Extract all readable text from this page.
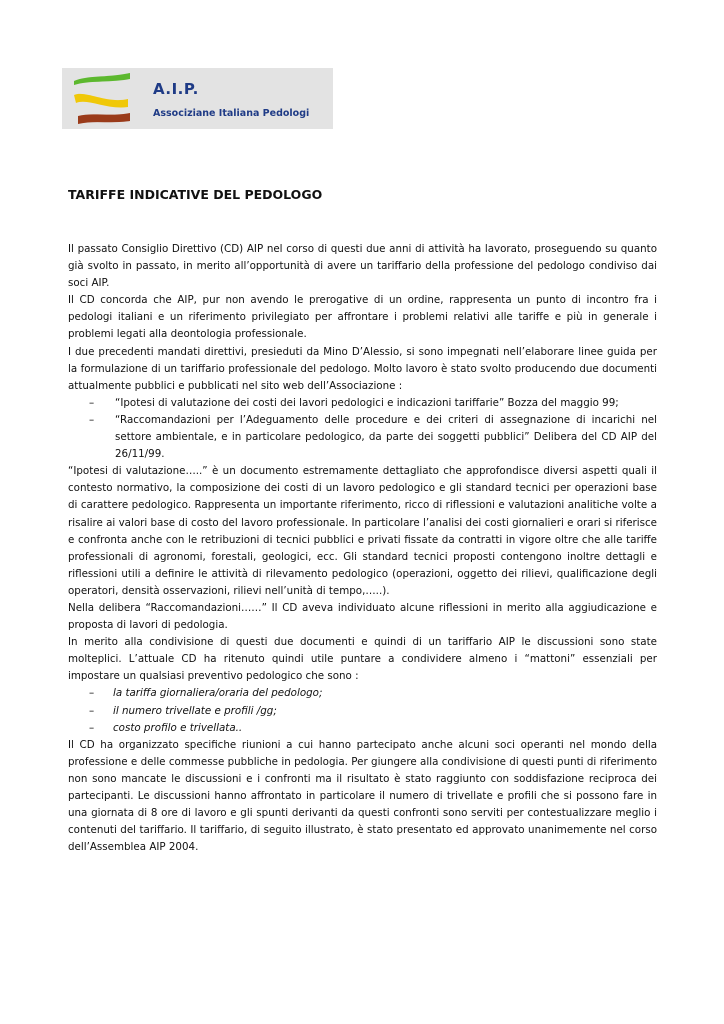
A.I.P.
Associziane Italiana Pedologi
TARIFFE INDICATIVE DEL PEDOLOGO

Il passato Consiglio Direttivo (CD) AIP nel corso di questi due anni di attività ha lavorato, proseguendo su quanto già svolto in passato, in merito all’opportunità di avere un tariffario della professione del pedologo condiviso dai soci AIP.

Il CD concorda che AIP, pur non avendo le prerogative di un ordine, rappresenta un punto di incontro fra i pedologi italiani e un riferimento privilegiato per affrontare i problemi relativi alle tariffe e più in generale i problemi legati alla deontologia professionale.

I due precedenti mandati direttivi, presieduti da Mino D’Alessio, si sono impegnati nell’elaborare linee guida per la formulazione di un tariffario professionale del pedologo. Molto lavoro è stato svolto producendo due documenti attualmente pubblici e pubblicati nel sito web dell’Associazione :

– “Ipotesi di valutazione dei costi dei lavori pedologici e indicazioni tariffarie” Bozza del maggio 99;
– “Raccomandazioni per l’Adeguamento delle procedure e dei criteri di assegnazione di incarichi nel settore ambientale, e in particolare pedologico, da parte dei soggetti pubblici” Delibera del CD AIP del 26/11/99.

“Ipotesi di valutazione…..” è un documento estremamente dettagliato che approfondisce diversi aspetti quali il contesto normativo, la composizione dei costi di un lavoro pedologico e gli standard tecnici per operazioni base di carattere pedologico. Rappresenta un importante riferimento, ricco di riflessioni e valutazioni analitiche volte a risalire ai valori base di costo del lavoro professionale. In particolare l’analisi dei costi giornalieri e orari si riferisce e confronta anche con le retribuzioni di tecnici pubblici e privati fissate da contratti in vigore oltre che alle tariffe professionali di agronomi, forestali, geologici, ecc. Gli standard tecnici proposti contengono inoltre dettagli e riflessioni utili a definire le attività di rilevamento pedologico (operazioni, oggetto dei rilievi, qualificazione degli operatori, densità osservazioni, rilievi nell’unità di tempo,…..).

Nella delibera “Raccomandazioni……” Il CD aveva individuato alcune riflessioni in merito alla aggiudicazione e proposta di lavori di pedologia.

In merito alla condivisione di questi due documenti e quindi di un tariffario AIP le discussioni sono state molteplici. L’attuale CD ha ritenuto quindi utile puntare a condividere almeno i “mattoni” essenziali per impostare un qualsiasi preventivo pedologico che sono :

– la tariffa giornaliera/oraria del pedologo;
– il numero trivellate e profili /gg;
– costo profilo e trivellata..

Il CD ha organizzato specifiche riunioni a cui hanno partecipato anche alcuni soci operanti nel mondo della professione e delle commesse pubbliche in pedologia. Per giungere alla condivisione di questi punti di riferimento non sono mancate le discussioni e i confronti ma il risultato è stato raggiunto con soddisfazione reciproca dei partecipanti. Le discussioni hanno affrontato in particolare il numero di trivellate e profili che si possono fare in una giornata di 8 ore di lavoro e gli spunti derivanti da questi confronti sono serviti per contestualizzare meglio i contenuti del tariffario. Il tariffario, di seguito illustrato, è stato presentato ed approvato unanimemente nel corso dell’Assemblea AIP 2004.
